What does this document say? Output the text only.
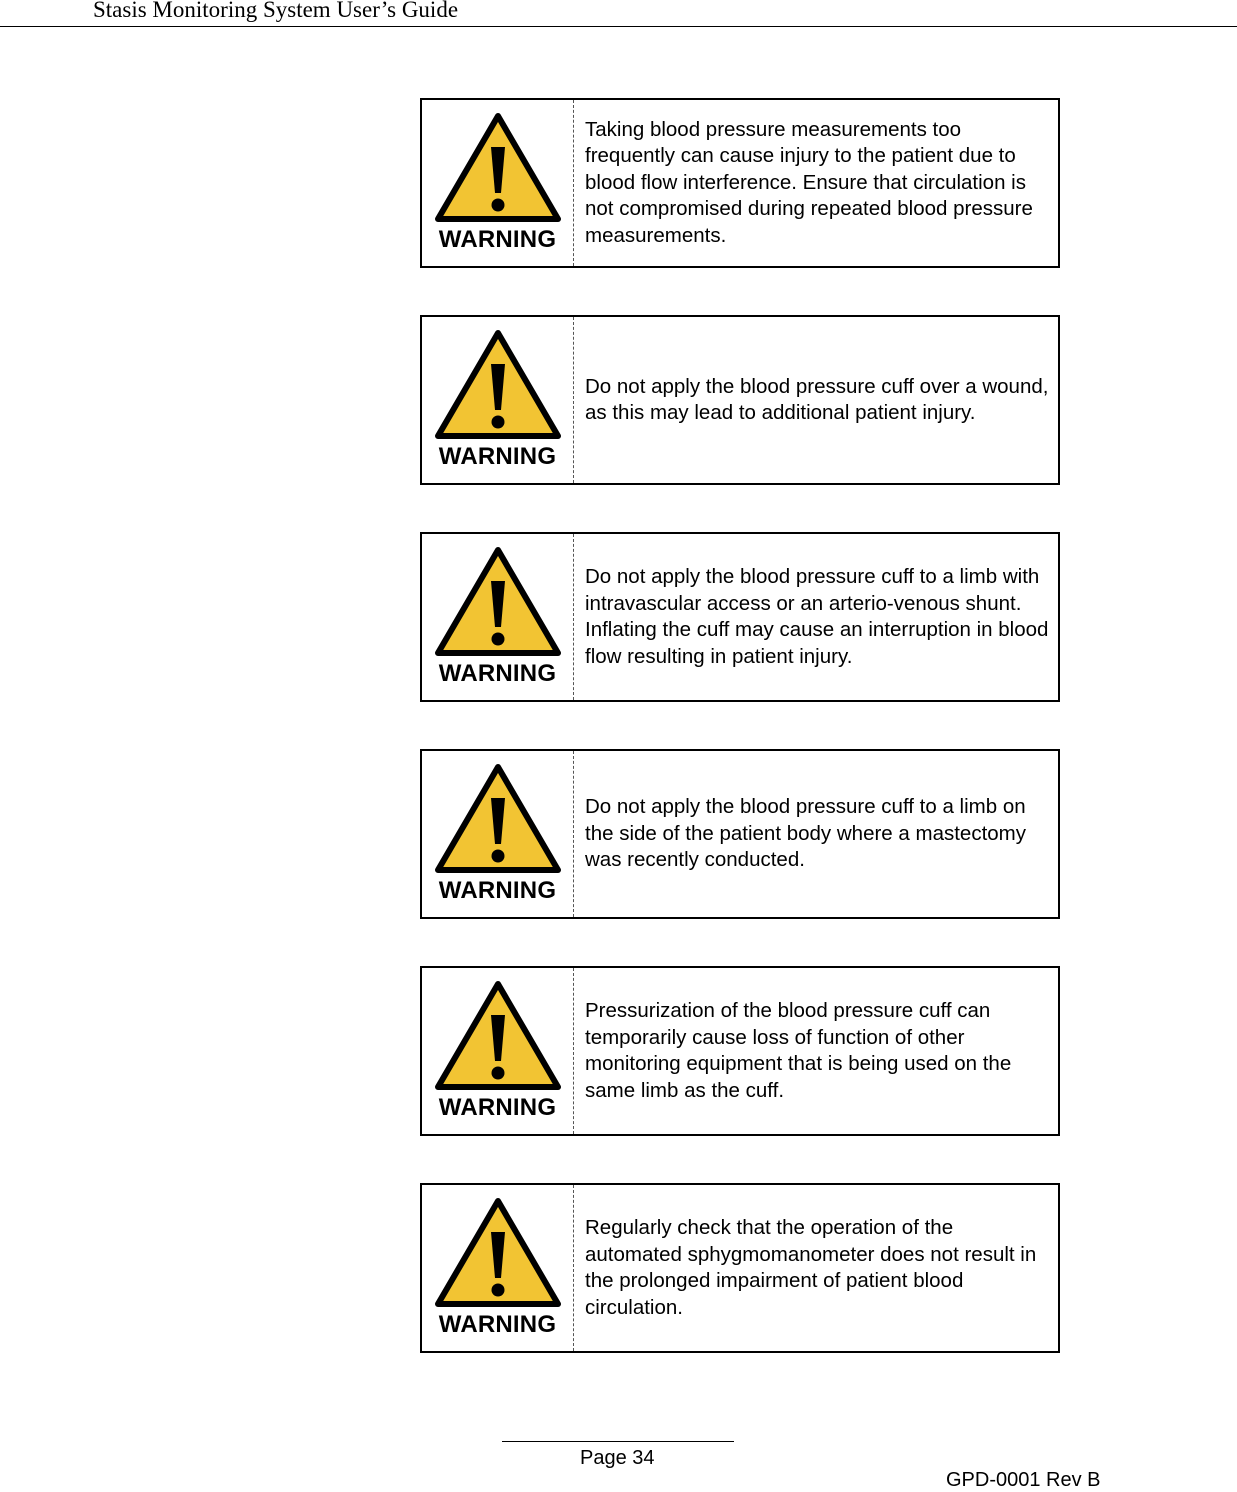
Stasis Monitoring System User’s Guide
WARNING

Taking blood pressure measurements too frequently can cause injury to the patient due to blood flow interference. Ensure that circulation is not compromised during repeated blood pressure measurements.

WARNING

Do not apply the blood pressure cuff over a wound, as this may lead to additional patient injury.

WARNING

Do not apply the blood pressure cuff to a limb with intravascular access or an arterio-venous shunt. Inflating the cuff may cause an interruption in blood flow resulting in patient injury.

WARNING

Do not apply the blood pressure cuff to a limb on the side of the patient body where a mastectomy was recently conducted.

WARNING

Pressurization of the blood pressure cuff can temporarily cause loss of function of other monitoring equipment that is being used on the same limb as the cuff.

WARNING

Regularly check that the operation of the automated sphygmomanometer does not result in the prolonged impairment of patient blood circulation.

Page 34
GPD-0001 Rev B
